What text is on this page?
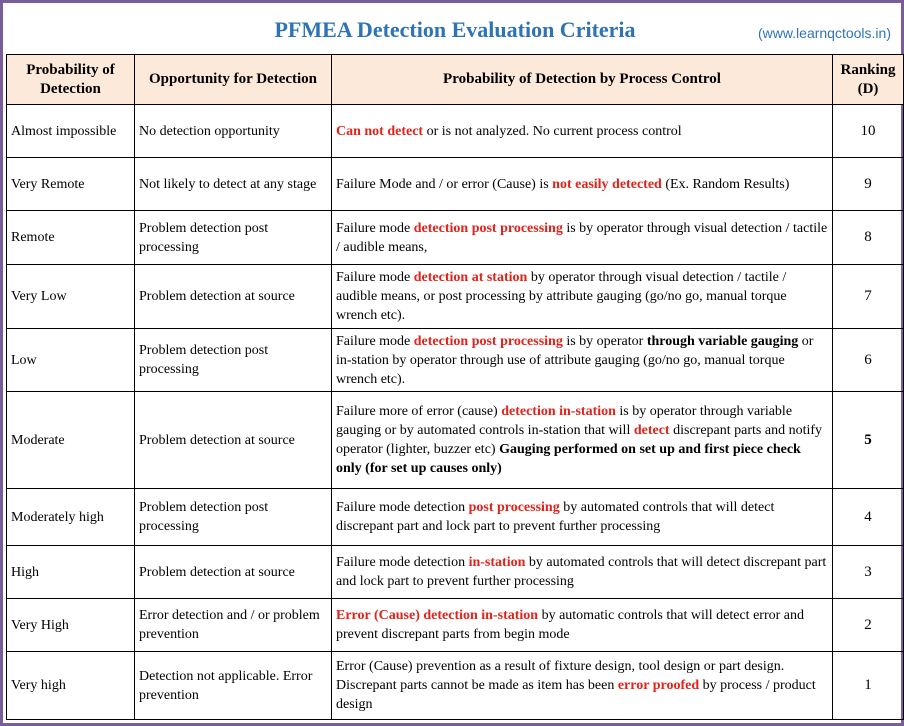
PFMEA Detection Evaluation Criteria	(www.learnqctools.in)
Probability of Detection	Opportunity for Detection	Probability of Detection by Process Control	Ranking (D)
Almost impossible	No detection opportunity	Can not detect or is not analyzed. No current process control	10
Very Remote	Not likely to detect at any stage	Failure Mode and / or error (Cause) is not easily detected (Ex. Random Results)	9
Remote	Problem detection post processing	Failure mode detection post processing is by operator through visual detection / tactile / audible means,	8
Very Low	Problem detection at source	Failure mode detection at station by operator through visual detection / tactile / audible means, or post processing by attribute gauging (go/no go, manual torque wrench etc).	7
Low	Problem detection post processing	Failure mode detection post processing is by operator through variable gauging or in-station by operator through use of attribute gauging (go/no go, manual torque wrench etc).	6
Moderate	Problem detection at source	Failure more of error (cause) detection in-station is by operator through variable gauging or by automated controls in-station that will detect discrepant parts and notify operator (lighter, buzzer etc) Gauging performed on set up and first piece check only (for set up causes only)	5
Moderately high	Problem detection post processing	Failure mode detection post processing by automated controls that will detect discrepant part and lock part to prevent further processing	4
High	Problem detection at source	Failure mode detection in-station by automated controls that will detect discrepant part and lock part to prevent further processing	3
Very High	Error detection and / or problem prevention	Error (Cause) detection in-station by automatic controls that will detect error and prevent discrepant parts from begin mode	2
Very high	Detection not applicable. Error prevention	Error (Cause) prevention as a result of fixture design, tool design or part design. Discrepant parts cannot be made as item has been error proofed by process / product design	1
